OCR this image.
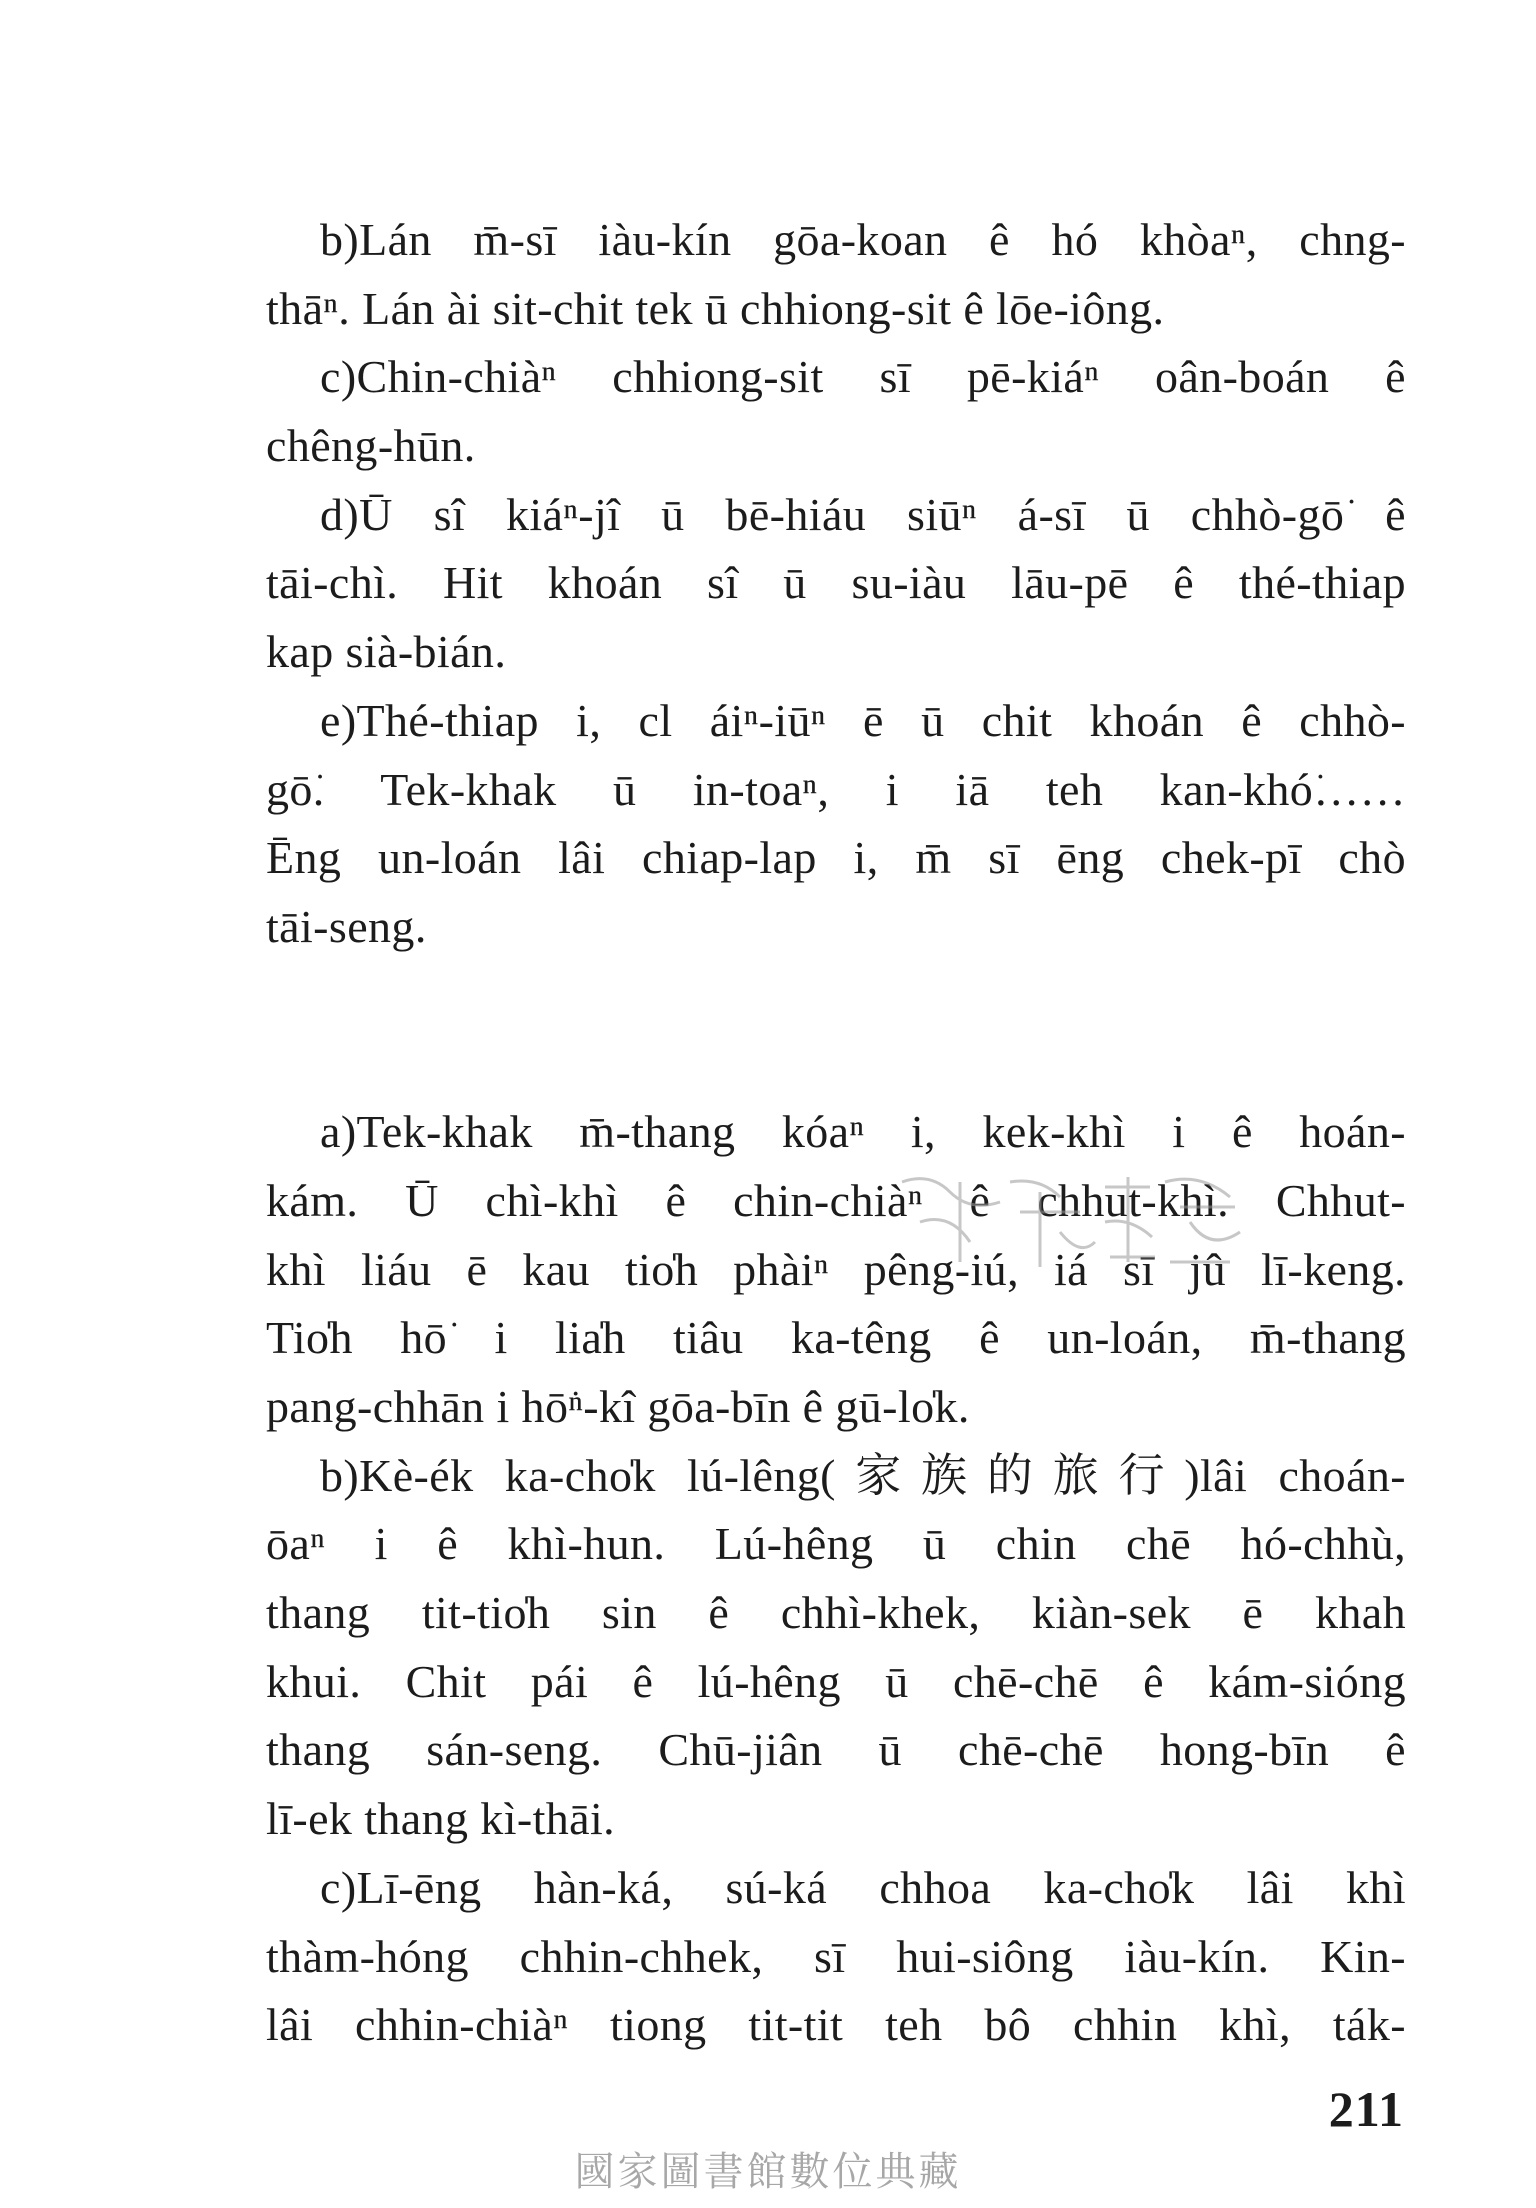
b)Lán m̄-sī iàu-kín gōa-koan ê hó khòaⁿ, chng-
thāⁿ. Lán ài sit-chit tek ū chhiong-sit ê lōe-iông.
c)Chin-chiàⁿ chhiong-sit sī pē-kiáⁿ oân-boán ê
chêng-hūn.
d)Ū sî kiáⁿ-jî ū bē-hiáu siūⁿ á-sī ū chhò-gō͘ ê
tāi-chì. Hit khoán sî ū su-iàu lāu-pē ê thé-thiap
kap sià-bián.
e)Thé-thiap i, cl áiⁿ-iūⁿ ē ū chit khoán ê chhò-
gō͘. Tek-khak ū in-toaⁿ, i iā teh kan-khó͘……
Ēng un-loán lâi chiap-lap i, m̄ sī ēng chek-pī chò
tāi-seng.
a)Tek-khak m̄-thang kóaⁿ i, kek-khì i ê hoán-
kám. Ū chì-khì ê chin-chiàⁿ ê chhut-khì. Chhut-
khì liáu ē kau tio̍h phàiⁿ pêng-iú, iá sī jû lī-keng.
Tio̍h hō͘ i lia̍h tiâu ka-têng ê un-loán, m̄-thang
pang-chhān i hō͘ⁿ-kî gōa-bīn ê gū-lo̍k.
b)Kè-ék ka-cho̍k lú-lêng(家族的旅行)lâi choán-
ōaⁿ i ê khì-hun. Lú-hêng ū chin chē hó-chhù,
thang tit-tio̍h sin ê chhì-khek, kiàn-sek ē khah
khui. Chit pái ê lú-hêng ū chē-chē ê kám-sióng
thang sán-seng. Chū-jiân ū chē-chē hong-bīn ê
lī-ek thang kì-thāi.
c)Lī-ēng hàn-ká, sú-ká chhoa ka-cho̍k lâi khì
thàm-hóng chhin-chhek, sī hui-siông iàu-kín. Kin-
lâi chhin-chiàⁿ tiong tit-tit teh bô chhin khì, ták-
211
國家圖書館數位典藏
